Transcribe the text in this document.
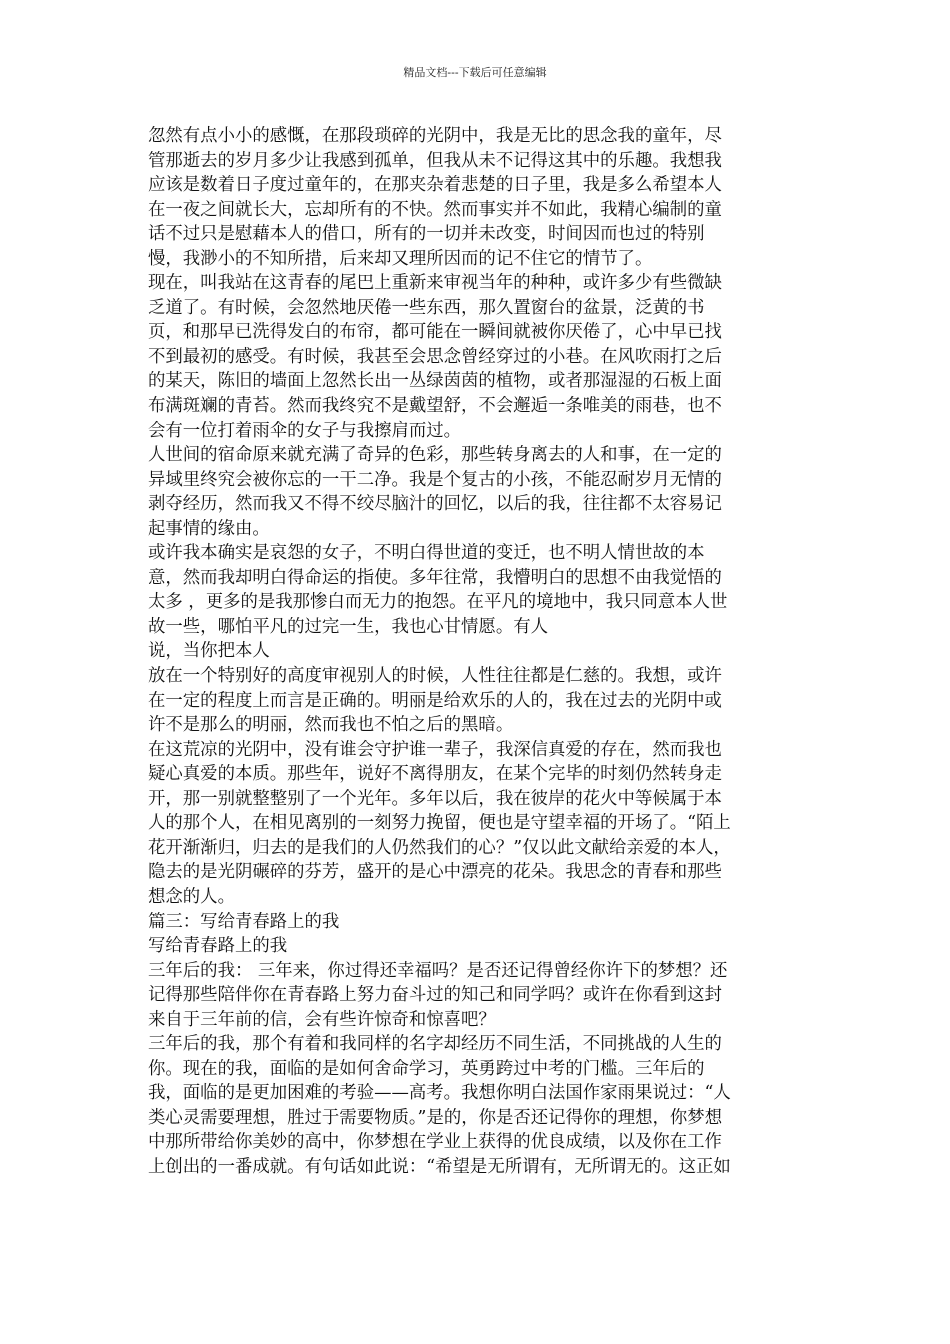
精品文档---下载后可任意编辑
忽然有点小小的感慨，在那段琐碎的光阴中，我是无比的思念我的童年，尽
管那逝去的岁月多少让我感到孤单，但我从未不记得这其中的乐趣。我想我
应该是数着日子度过童年的，在那夹杂着悲楚的日子里，我是多么希望本人
在一夜之间就长大，忘却所有的不快。然而事实并不如此，我精心编制的童
话不过只是慰藉本人的借口，所有的一切并未改变，时间因而也过的特别
慢，我渺小的不知所措，后来却又理所因而的记不住它的情节了。
现在，叫我站在这青春的尾巴上重新来审视当年的种种，或许多少有些微缺
乏道了。有时候，会忽然地厌倦一些东西，那久置窗台的盆景，泛黄的书
页，和那早已洗得发白的布帘，都可能在一瞬间就被你厌倦了，心中早已找
不到最初的感受。有时候，我甚至会思念曾经穿过的小巷。在风吹雨打之后
的某天，陈旧的墙面上忽然长出一丛绿茵茵的植物，或者那湿湿的石板上面
布满斑斓的青苔。然而我终究不是戴望舒，不会邂逅一条唯美的雨巷，也不
会有一位打着雨伞的女子与我擦肩而过。
人世间的宿命原来就充满了奇异的色彩，那些转身离去的人和事，在一定的
异域里终究会被你忘的一干二净。我是个复古的小孩，不能忍耐岁月无情的
剥夺经历，然而我又不得不绞尽脑汁的回忆，以后的我，往往都不太容易记
起事情的缘由。
或许我本确实是哀怨的女子，不明白得世道的变迁，也不明人情世故的本
意，然而我却明白得命运的指使。多年往常，我懵明白的思想不由我觉悟的
太多 ，更多的是我那惨白而无力的抱怨。在平凡的境地中，我只同意本人世
故一些，哪怕平凡的过完一生，我也心甘情愿。有人
说，当你把本人
放在一个特别好的高度审视别人的时候，人性往往都是仁慈的。我想，或许
在一定的程度上而言是正确的。明丽是给欢乐的人的，我在过去的光阴中或
许不是那么的明丽，然而我也不怕之后的黑暗。
在这荒凉的光阴中，没有谁会守护谁一辈子，我深信真爱的存在，然而我也
疑心真爱的本质。那些年，说好不离得朋友，在某个完毕的时刻仍然转身走
开，那一别就整整别了一个光年。多年以后，我在彼岸的花火中等候属于本
人的那个人，在相见离别的一刻努力挽留，便也是守望幸福的开场了。“陌上
花开渐渐归，归去的是我们的人仍然我们的心？”仅以此文献给亲爱的本人，
隐去的是光阴碾碎的芬芳，盛开的是心中漂亮的花朵。我思念的青春和那些
想念的人。
篇三：写给青春路上的我
写给青春路上的我
三年后的我： 三年来，你过得还幸福吗？是否还记得曾经你许下的梦想？还
记得那些陪伴你在青春路上努力奋斗过的知己和同学吗？或许在你看到这封
来自于三年前的信，会有些许惊奇和惊喜吧？
三年后的我，那个有着和我同样的名字却经历不同生活，不同挑战的人生的
你。现在的我，面临的是如何舍命学习，英勇跨过中考的门槛。三年后的
我，面临的是更加困难的考验——高考。我想你明白法国作家雨果说过：“人
类心灵需要理想，胜过于需要物质。”是的，你是否还记得你的理想，你梦想
中那所带给你美妙的高中，你梦想在学业上获得的优良成绩，以及你在工作
上创出的一番成就。有句话如此说：“希望是无所谓有，无所谓无的。这正如
